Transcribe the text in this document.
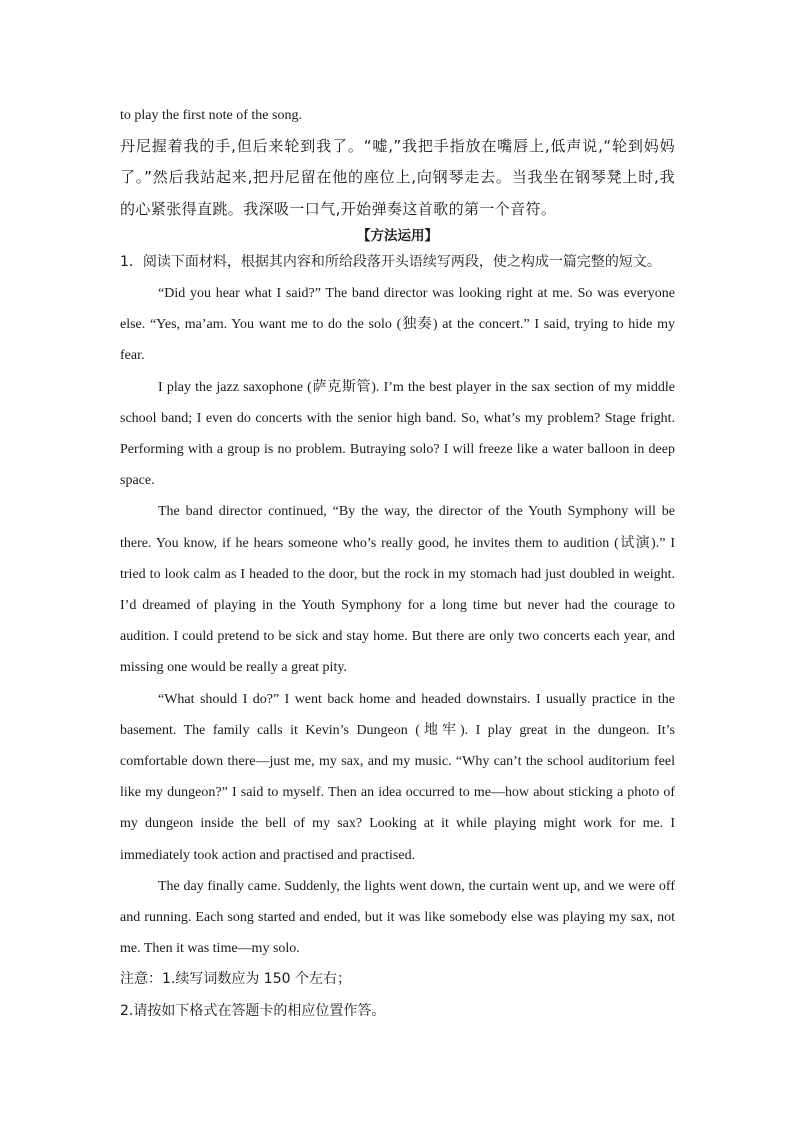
to play the first note of the song.

丹尼握着我的手,但后来轮到我了。“嘘,”我把手指放在嘴唇上,低声说,“轮到妈妈了。”然后我站起来,把丹尼留在他的座位上,向钢琴走去。当我坐在钢琴凳上时,我的心紧张得直跳。我深吸一口气,开始弹奏这首歌的第一个音符。

【方法运用】

1．阅读下面材料，根据其内容和所给段落开头语续写两段，使之构成一篇完整的短文。

“Did you hear what I said?” The band director was looking right at me. So was everyone else. “Yes, ma’am. You want me to do the solo (独奏) at the concert.” I said, trying to hide my fear.

I play the jazz saxophone (萨克斯管). I’m the best player in the sax section of my middle school band; I even do concerts with the senior high band. So, what’s my problem? Stage fright. Performing with a group is no problem. Butraying solo? I will freeze like a water balloon in deep space.

The band director continued, “By the way, the director of the Youth Symphony will be there. You know, if he hears someone who’s really good, he invites them to audition (试演).” I tried to look calm as I headed to the door, but the rock in my stomach had just doubled in weight. I’d dreamed of playing in the Youth Symphony for a long time but never had the courage to audition. I could pretend to be sick and stay home. But there are only two concerts each year, and missing one would be really a great pity.

“What should I do?” I went back home and headed downstairs. I usually practice in the basement. The family calls it Kevin’s Dungeon (地牢). I play great in the dungeon. It’s comfortable down there—just me, my sax, and my music. “Why can’t the school auditorium feel like my dungeon?” I said to myself. Then an idea occurred to me—how about sticking a photo of my dungeon inside the bell of my sax? Looking at it while playing might work for me. I immediately took action and practised and practised.

The day finally came. Suddenly, the lights went down, the curtain went up, and we were off and running. Each song started and ended, but it was like somebody else was playing my sax, not me. Then it was time—my solo.

注意：1.续写词数应为 150 个左右；

2.请按如下格式在答题卡的相应位置作答。
